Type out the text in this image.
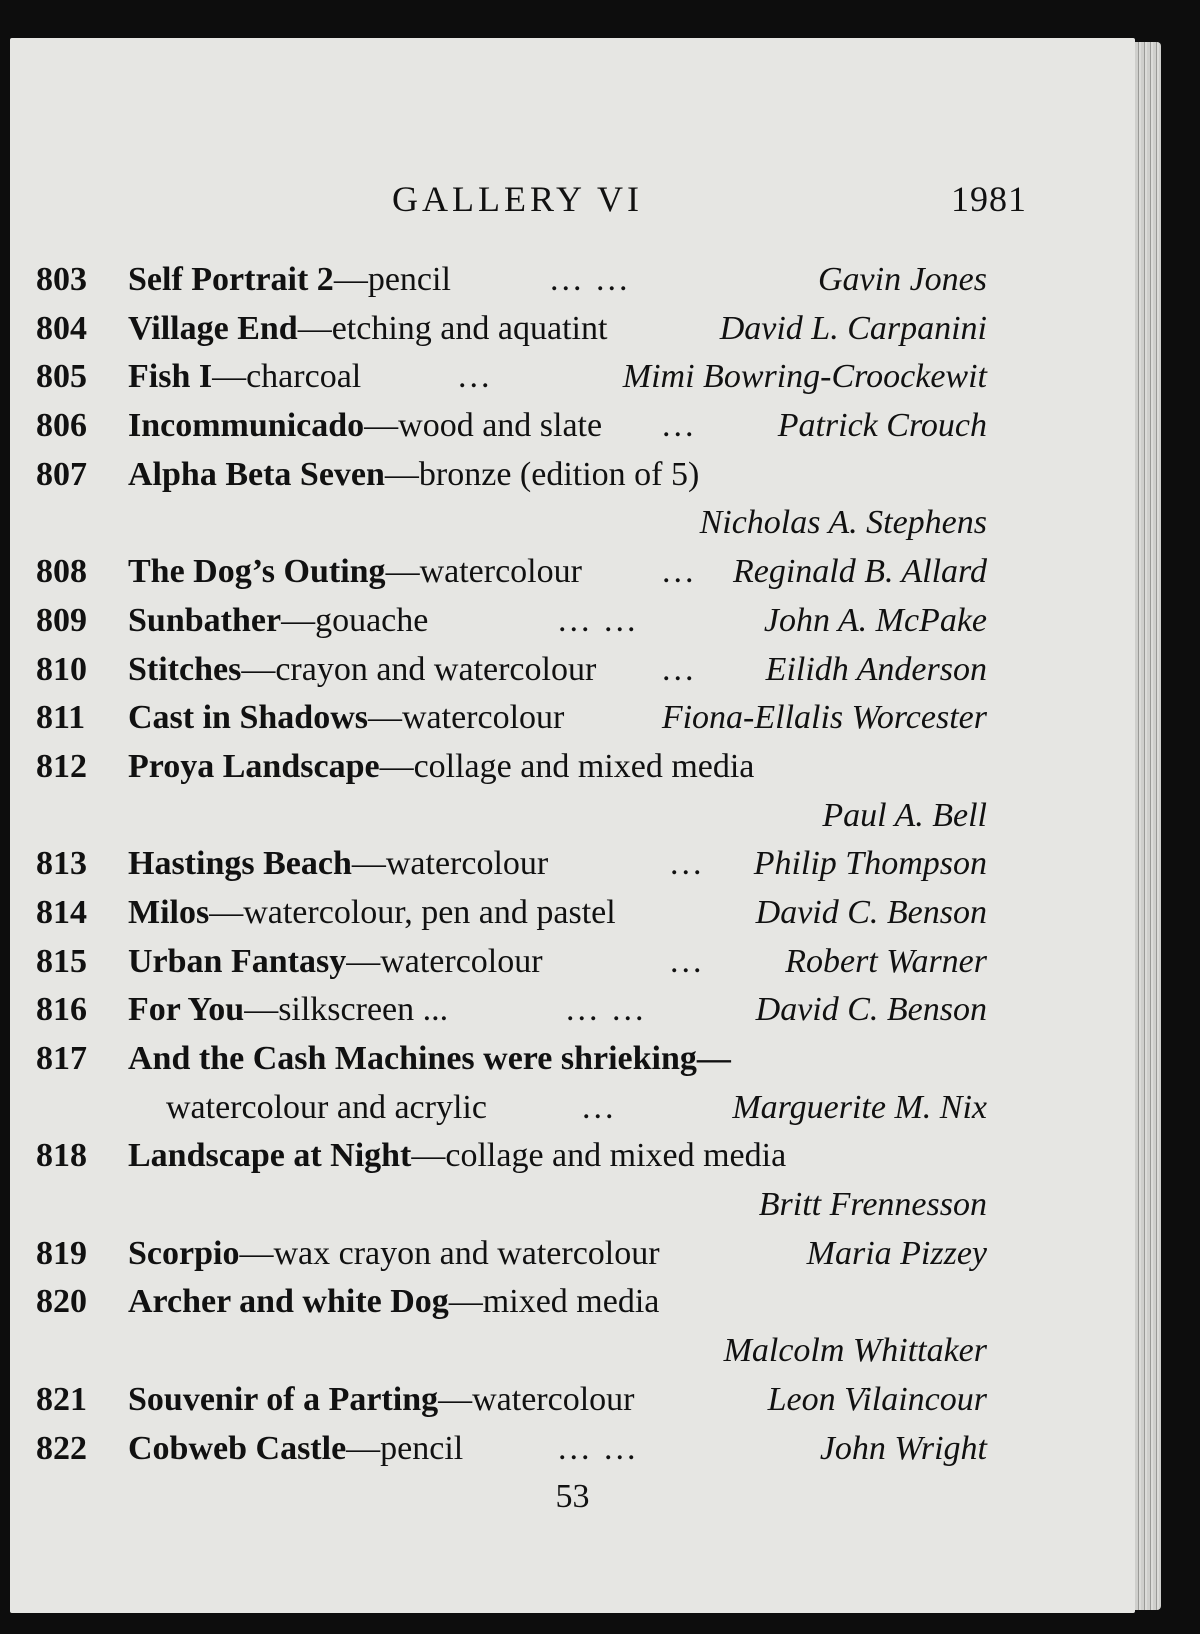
GALLERY VI	1981
803 Self Portrait 2—pencil	... ...	Gavin Jones
804 Village End—etching and aquatint	David L. Carpanini
805 Fish I—charcoal	...	Mimi Bowring-Croockewit
806 Incommunicado—wood and slate ... Patrick Crouch
807 Alpha Beta Seven—bronze (edition of 5)
Nicholas A. Stephens
808 The Dog’s Outing—watercolour ... Reginald B. Allard
809 Sunbather—gouache	... ...	John A. McPake
810 Stitches—crayon and watercolour ... Eilidh Anderson
811 Cast in Shadows—watercolour	Fiona-Ellalis Worcester
812 Proya Landscape—collage and mixed media
Paul A. Bell
813 Hastings Beach—watercolour	... Philip Thompson
814 Milos—watercolour, pen and pastel	David C. Benson
815 Urban Fantasy—watercolour	... Robert Warner
816 For You—silkscreen ...	... ...	David C. Benson
817 And the Cash Machines were shrieking—
watercolour and acrylic	...	Marguerite M. Nix
818 Landscape at Night—collage and mixed media
Britt Frennesson
819 Scorpio—wax crayon and watercolour	Maria Pizzey
820 Archer and white Dog—mixed media
Malcolm Whittaker
821 Souvenir of a Parting—watercolour	Leon Vilaincour
822 Cobweb Castle—pencil	... ...	John Wright
53
